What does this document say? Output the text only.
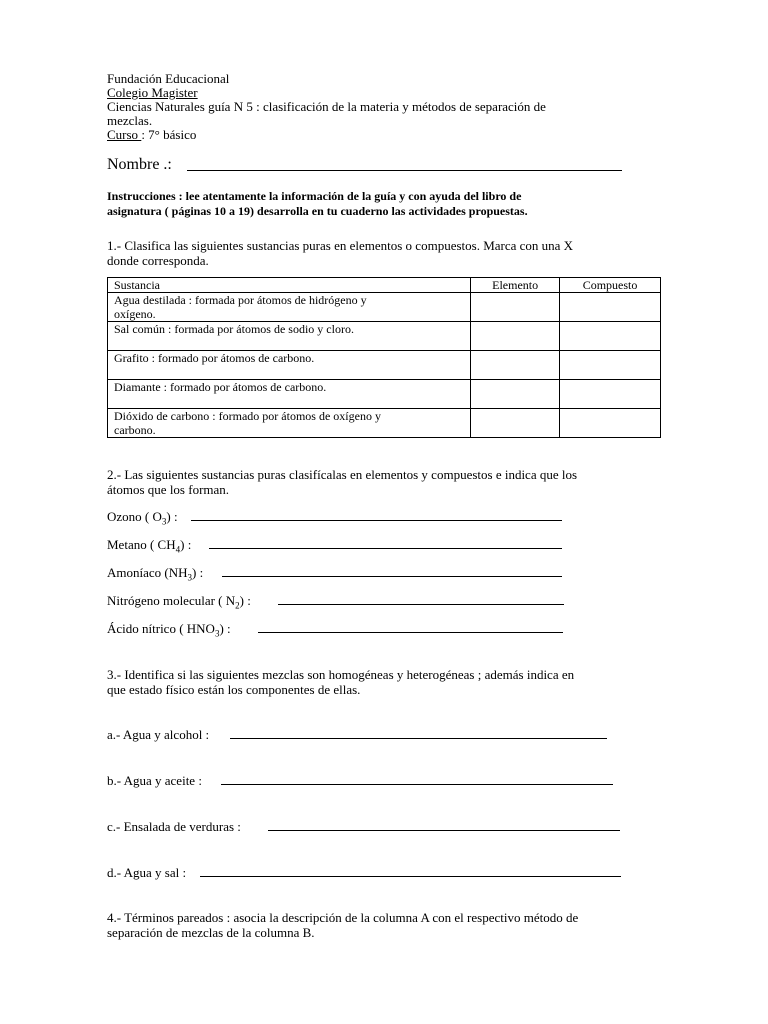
Fundación Educacional
Colegio Magister
Ciencias Naturales guía N 5 : clasificación de la materia y métodos de separación de
mezclas.
Curso : 7° básico
Nombre .:
Instrucciones : lee atentamente la información de la guía y con ayuda del libro de
asignatura ( páginas 10 a 19) desarrolla en tu cuaderno las actividades propuestas.
1.- Clasifica las siguientes sustancias puras en elementos o compuestos. Marca con una X
donde corresponda.
Sustancia	Elemento	Compuesto

Agua destilada : formada por átomos de hidrógeno y
oxígeno.		

Sal común : formada por átomos de sodio y cloro.		

Grafito : formado por átomos de carbono.		

Diamante : formado por átomos de carbono.		

Dióxido de carbono : formado por átomos de oxígeno y
carbono.		

2.- Las siguientes sustancias puras clasifícalas en elementos y compuestos e indica que los
átomos que los forman.
Ozono ( $O_3$) :
Metano ( $CH_4$) :
Amoníaco $(NH_3)$ :
Nitrógeno molecular ( $N_2$) :
Ácido nítrico ( $HNO_3$) :
3.- Identifica si las siguientes mezclas son homogéneas y heterogéneas ; además indica en
que estado físico están los componentes de ellas.
a.- Agua y alcohol :
b.- Agua y aceite :
c.- Ensalada de verduras :
d.- Agua y sal :
4.- Términos pareados : asocia la descripción de la columna A con el respectivo método de
separación de mezclas de la columna B.
